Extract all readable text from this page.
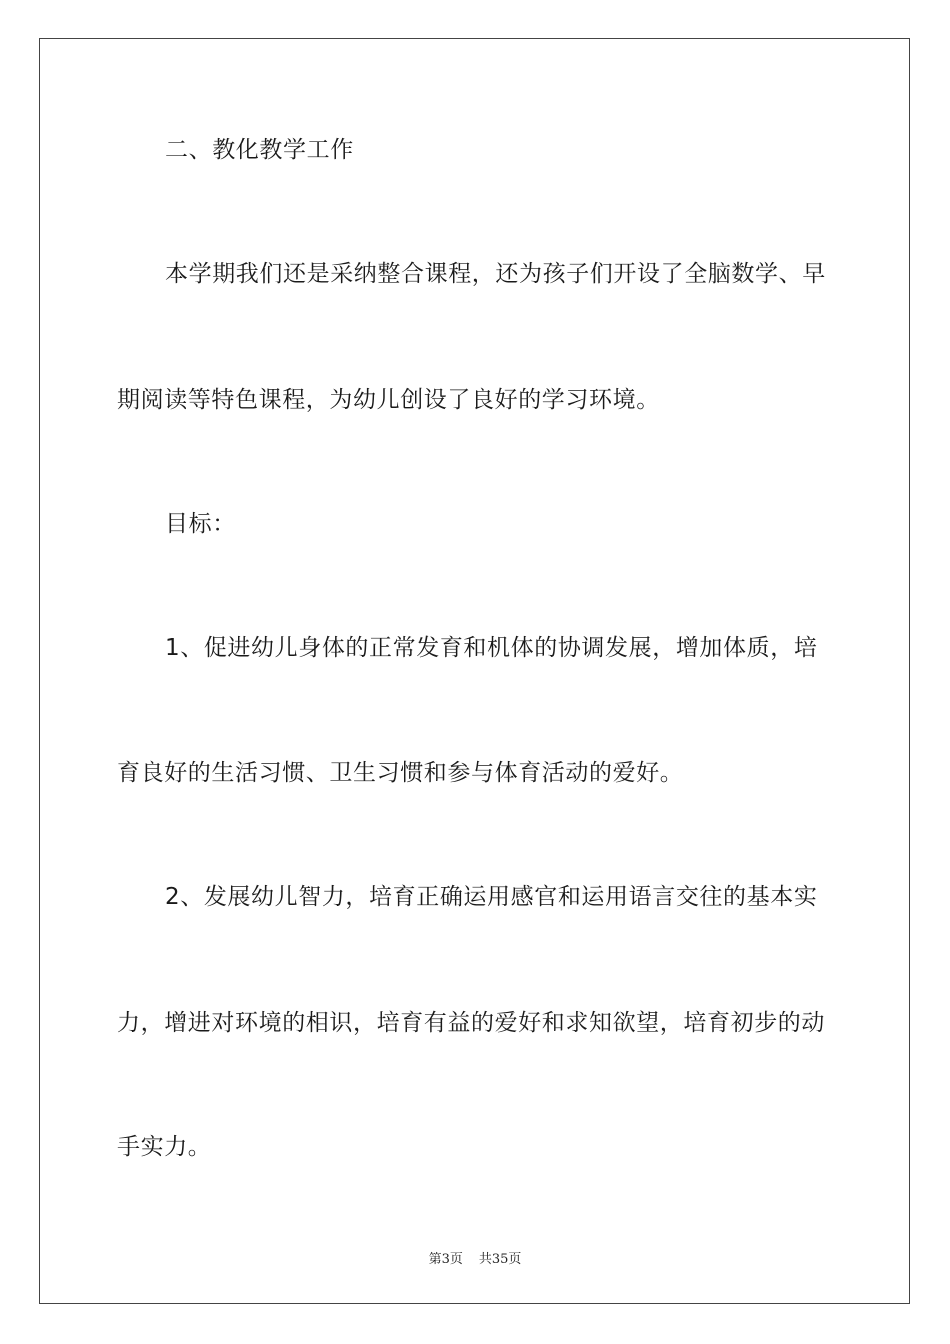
二、教化教学工作
本学期我们还是采纳整合课程，还为孩子们开设了全脑数学、早
期阅读等特色课程，为幼儿创设了良好的学习环境。
目标：
1、促进幼儿身体的正常发育和机体的协调发展，增加体质，培
育良好的生活习惯、卫生习惯和参与体育活动的爱好。
2、发展幼儿智力，培育正确运用感官和运用语言交往的基本实
力，增进对环境的相识，培育有益的爱好和求知欲望，培育初步的动
手实力。
第3页 共35页
